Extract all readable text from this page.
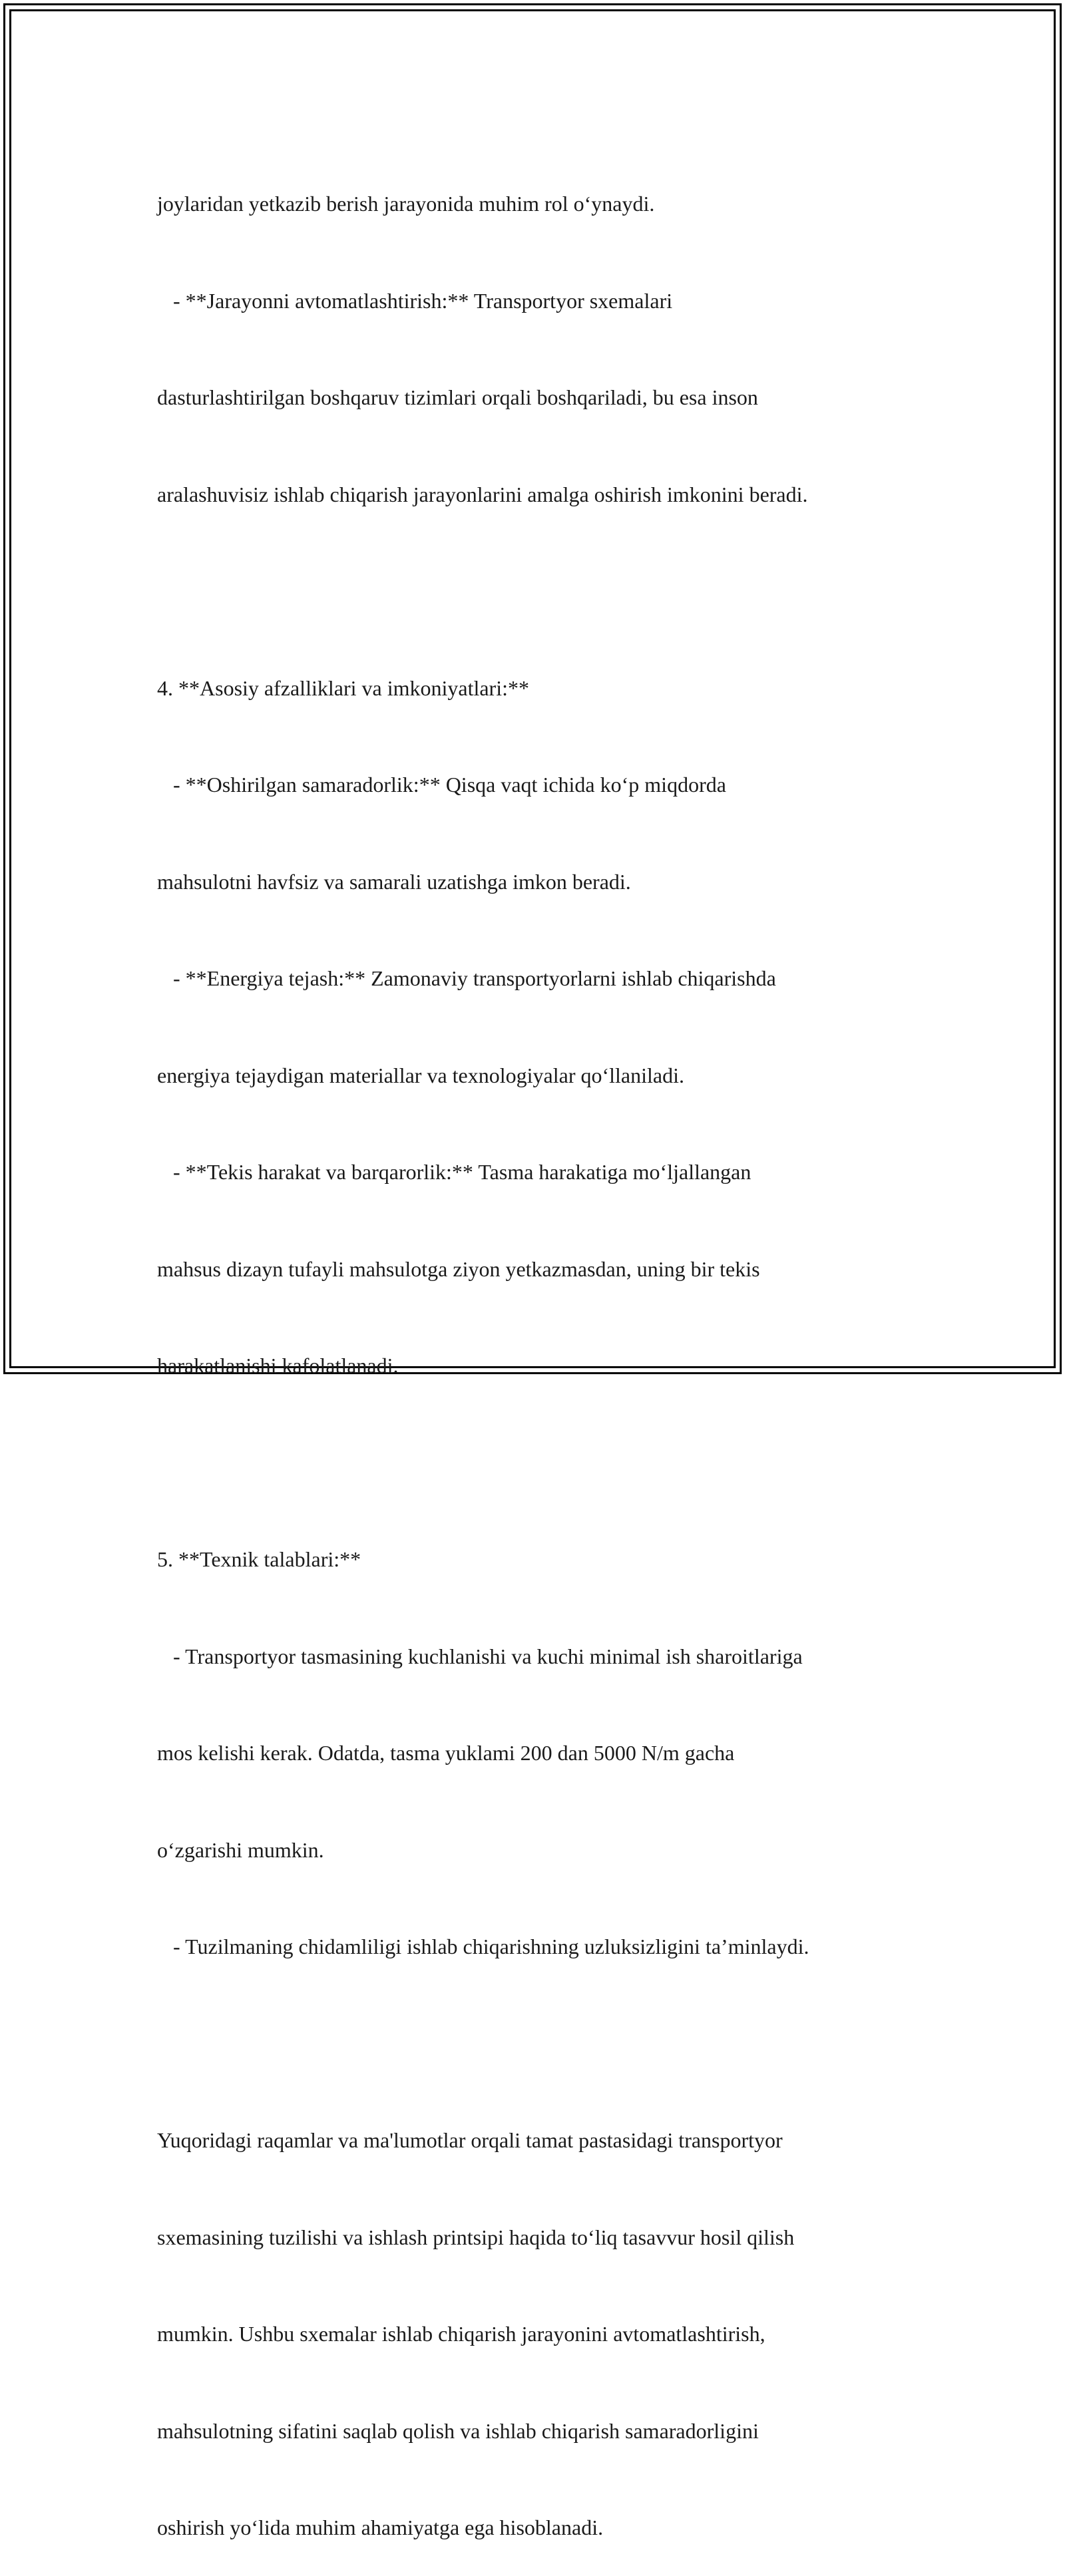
joylaridan yetkazib berish jarayonida muhim rol o‘ynaydi.

- **Jarayonni avtomatlashtirish:** Transportyor sxemalari

dasturlashtirilgan boshqaruv tizimlari orqali boshqariladi, bu esa inson

aralashuvisiz ishlab chiqarish jarayonlarini amalga oshirish imkonini beradi.

4. **Asosiy afzalliklari va imkoniyatlari:**

- **Oshirilgan samaradorlik:** Qisqa vaqt ichida ko‘p miqdorda

mahsulotni havfsiz va samarali uzatishga imkon beradi.

- **Energiya tejash:** Zamonaviy transportyorlarni ishlab chiqarishda

energiya tejaydigan materiallar va texnologiyalar qo‘llaniladi.

- **Tekis harakat va barqarorlik:** Tasma harakatiga mo‘ljallangan

mahsus dizayn tufayli mahsulotga ziyon yetkazmasdan, uning bir tekis

harakatlanishi kafolatlanadi.

5. **Texnik talablari:**

- Transportyor tasmasining kuchlanishi va kuchi minimal ish sharoitlariga

mos kelishi kerak. Odatda, tasma yuklami 200 dan 5000 N/m gacha

o‘zgarishi mumkin.

- Tuzilmaning chidamliligi ishlab chiqarishning uzluksizligini ta’minlaydi.

Yuqoridagi raqamlar va ma'lumotlar orqali tamat pastasidagi transportyor

sxemasining tuzilishi va ishlash printsipi haqida to‘liq tasavvur hosil qilish

mumkin. Ushbu sxemalar ishlab chiqarish jarayonini avtomatlashtirish,

mahsulotning sifatini saqlab qolish va ishlab chiqarish samaradorligini

oshirish yo‘lida muhim ahamiyatga ega hisoblanadi.
